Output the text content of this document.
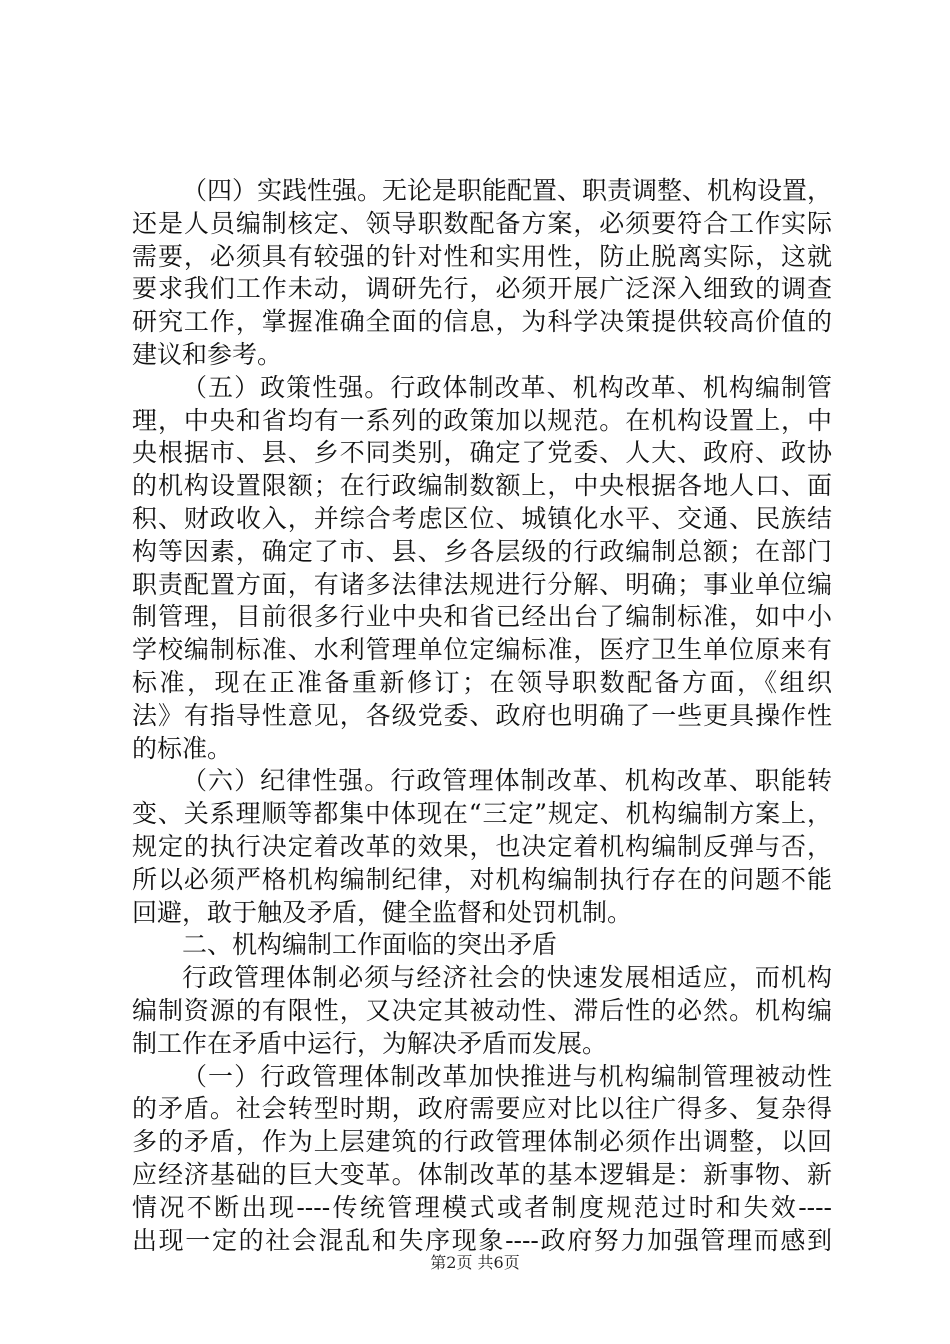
（四）实践性强。无论是职能配置、职责调整、机构设置，
还是人员编制核定、领导职数配备方案，必须要符合工作实际
需要，必须具有较强的针对性和实用性，防止脱离实际，这就
要求我们工作未动，调研先行，必须开展广泛深入细致的调查
研究工作，掌握准确全面的信息，为科学决策提供较高价值的
建议和参考。
（五）政策性强。行政体制改革、机构改革、机构编制管
理，中央和省均有一系列的政策加以规范。在机构设置上，中
央根据市、县、乡不同类别，确定了党委、人大、政府、政协
的机构设置限额；在行政编制数额上，中央根据各地人口、面
积、财政收入，并综合考虑区位、城镇化水平、交通、民族结
构等因素，确定了市、县、乡各层级的行政编制总额；在部门
职责配置方面，有诸多法律法规进行分解、明确；事业单位编
制管理，目前很多行业中央和省已经出台了编制标准，如中小
学校编制标准、水利管理单位定编标准，医疗卫生单位原来有
标准，现在正准备重新修订；在领导职数配备方面，《组织
法》有指导性意见，各级党委、政府也明确了一些更具操作性
的标准。
（六）纪律性强。行政管理体制改革、机构改革、职能转
变、关系理顺等都集中体现在“三定”规定、机构编制方案上，
规定的执行决定着改革的效果，也决定着机构编制反弹与否，
所以必须严格机构编制纪律，对机构编制执行存在的问题不能
回避，敢于触及矛盾，健全监督和处罚机制。
二、机构编制工作面临的突出矛盾
行政管理体制必须与经济社会的快速发展相适应，而机构
编制资源的有限性，又决定其被动性、滞后性的必然。机构编
制工作在矛盾中运行，为解决矛盾而发展。
（一）行政管理体制改革加快推进与机构编制管理被动性
的矛盾。社会转型时期，政府需要应对比以往广得多、复杂得
多的矛盾，作为上层建筑的行政管理体制必须作出调整，以回
应经济基础的巨大变革。体制改革的基本逻辑是：新事物、新
情况不断出现----传统管理模式或者制度规范过时和失效----
出现一定的社会混乱和失序现象----政府努力加强管理而感到
第2页 共6页
